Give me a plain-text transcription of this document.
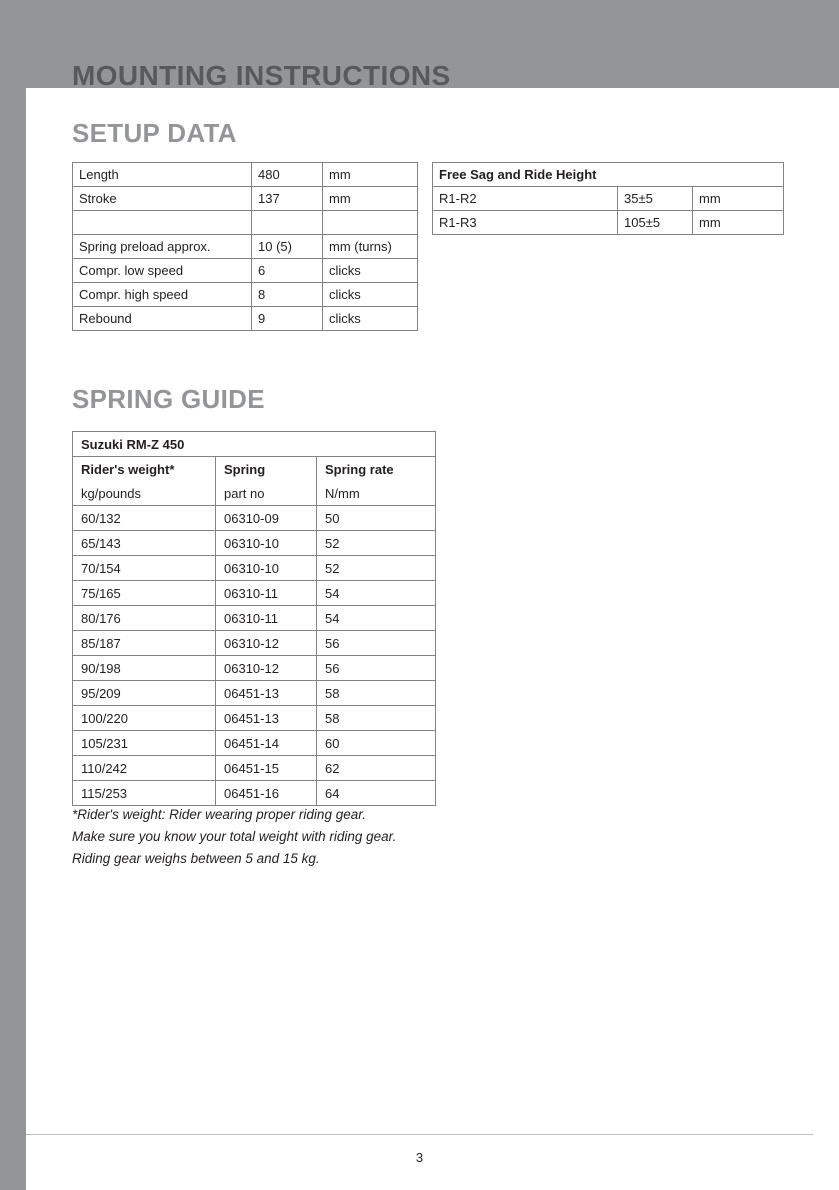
MOUNTING INSTRUCTIONS
SETUP DATA
Length	480	mm
Stroke	137	mm

Spring preload approx.	10 (5)	mm (turns)
Compr. low speed	6	clicks
Compr. high speed	8	clicks
Rebound	9	clicks
Free Sag and Ride Height		
R1-R2	35±5	mm
R1-R3	105±5	mm
SPRING GUIDE
Suzuki RM-Z 450		
Rider's weight*	Spring	Spring rate
kg/pounds	part no	N/mm
60/132	06310-09	50
65/143	06310-10	52
70/154	06310-10	52
75/165	06310-11	54
80/176	06310-11	54
85/187	06310-12	56
90/198	06310-12	56
95/209	06451-13	58
100/220	06451-13	58
105/231	06451-14	60
110/242	06451-15	62
115/253	06451-16	64
*Rider's weight: Rider wearing proper riding gear.
Make sure you know your total weight with riding gear.
Riding gear weighs between 5 and 15 kg.
3
